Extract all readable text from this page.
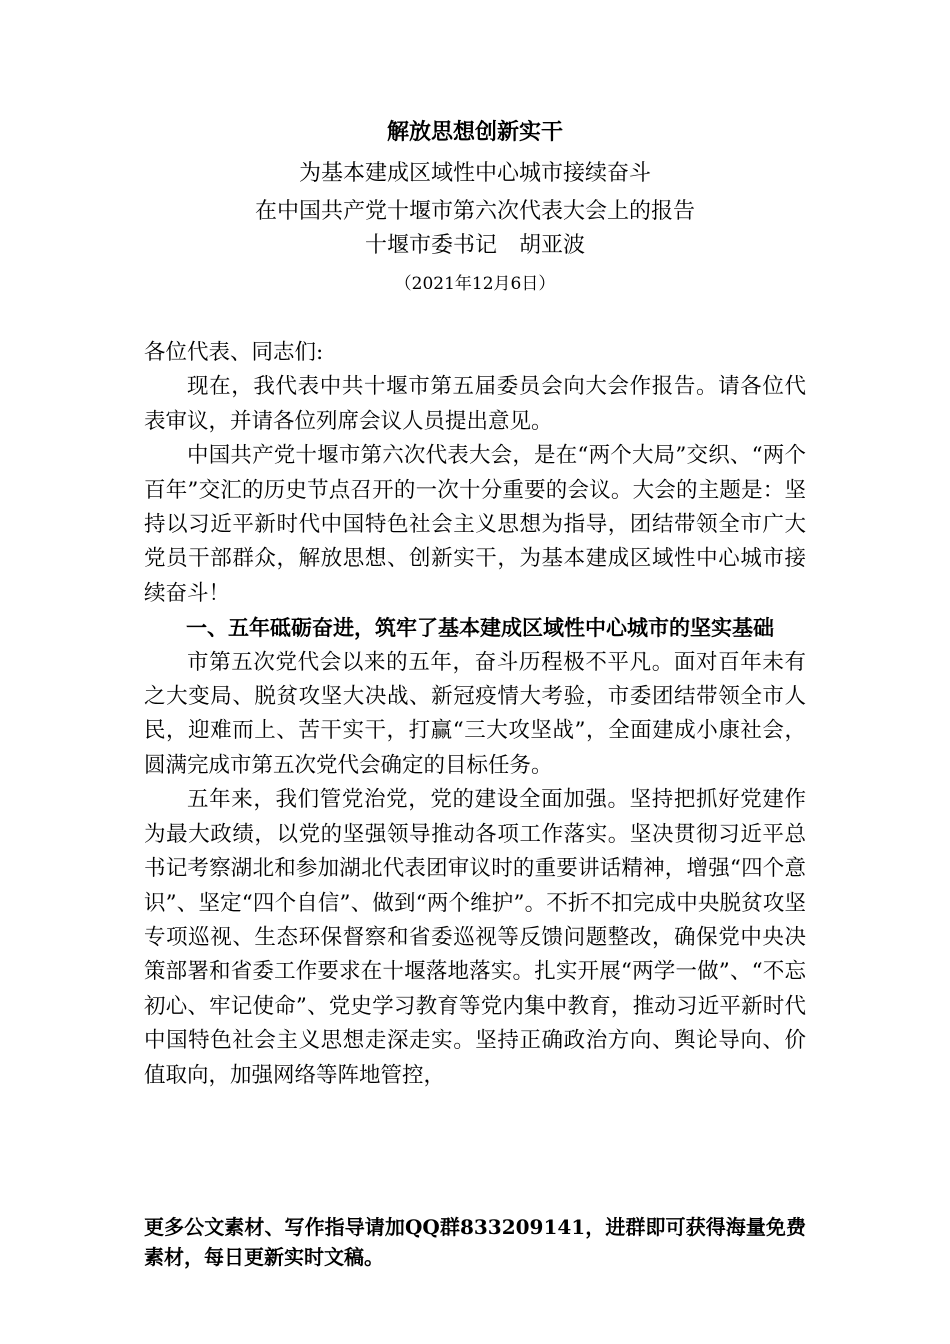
解放思想创新实干
为基本建成区域性中心城市接续奋斗
在中国共产党十堰市第六次代表大会上的报告
十堰市委书记　胡亚波
（2021年12月6日）

各位代表、同志们:

现在，我代表中共十堰市第五届委员会向大会作报告。请各位代表审议，并请各位列席会议人员提出意见。

中国共产党十堰市第六次代表大会，是在“两个大局”交织、“两个百年”交汇的历史节点召开的一次十分重要的会议。大会的主题是：坚持以习近平新时代中国特色社会主义思想为指导，团结带领全市广大党员干部群众，解放思想、创新实干，为基本建成区域性中心城市接续奋斗！

一、五年砥砺奋进，筑牢了基本建成区域性中心城市的坚实基础

市第五次党代会以来的五年，奋斗历程极不平凡。面对百年未有之大变局、脱贫攻坚大决战、新冠疫情大考验，市委团结带领全市人民，迎难而上、苦干实干，打赢“三大攻坚战”，全面建成小康社会，圆满完成市第五次党代会确定的目标任务。

五年来，我们管党治党，党的建设全面加强。坚持把抓好党建作为最大政绩，以党的坚强领导推动各项工作落实。坚决贯彻习近平总书记考察湖北和参加湖北代表团审议时的重要讲话精神，增强“四个意识”、坚定“四个自信”、做到“两个维护”。不折不扣完成中央脱贫攻坚专项巡视、生态环保督察和省委巡视等反馈问题整改，确保党中央决策部署和省委工作要求在十堰落地落实。扎实开展“两学一做”、“不忘初心、牢记使命”、党史学习教育等党内集中教育，推动习近平新时代中国特色社会主义思想走深走实。坚持正确政治方向、舆论导向、价值取向，加强网络等阵地管控，

更多公文素材、写作指导请加QQ群833209141，进群即可获得海量免费素材，每日更新实时文稿。
